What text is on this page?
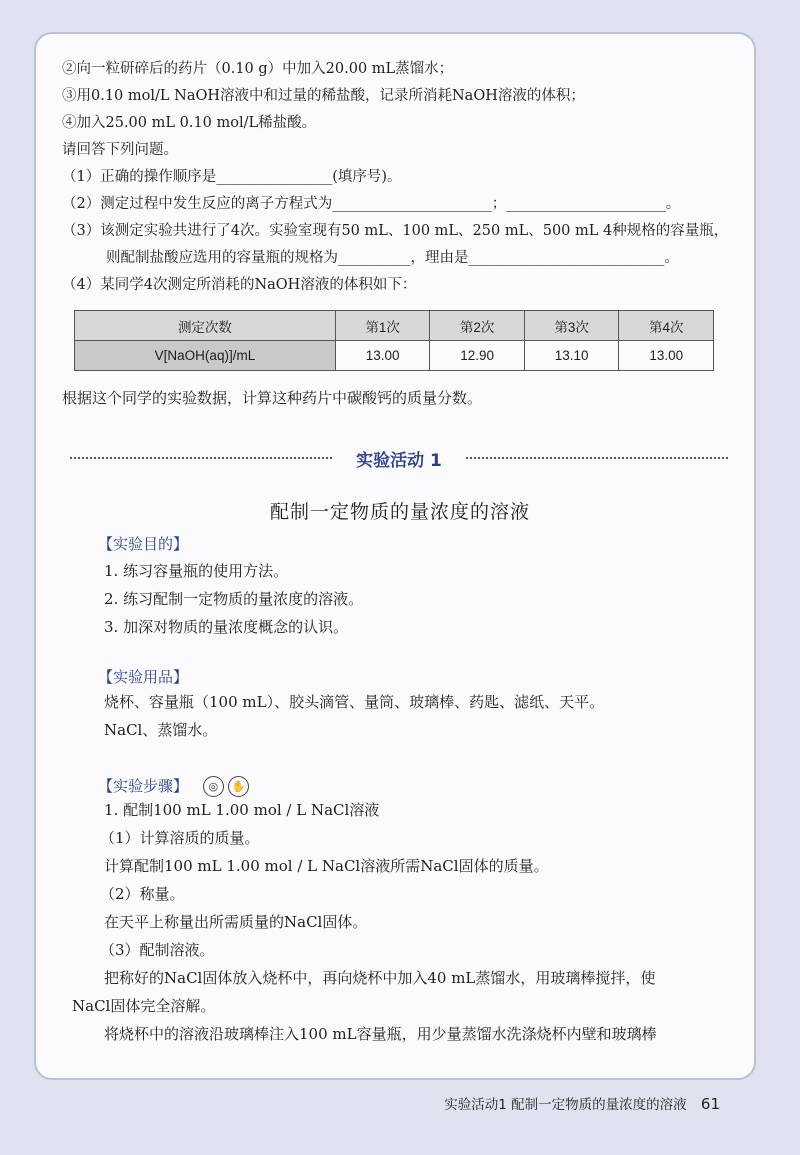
②向一粒研碎后的药片（0.10 g）中加入20.00 mL蒸馏水；

③用0.10 mol/L NaOH溶液中和过量的稀盐酸，记录所消耗NaOH溶液的体积；

④加入25.00 mL 0.10 mol/L稀盐酸。

请回答下列问题。

（1）正确的操作顺序是________________(填序号)。

（2）测定过程中发生反应的离子方程式为______________________；______________________。

（3）该测定实验共进行了4次。实验室现有50 mL、100 mL、250 mL、500 mL 4种规格的容量瓶，

则配制盐酸应选用的容量瓶的规格为__________，理由是___________________________。

（4）某同学4次测定所消耗的NaOH溶液的体积如下：

测定次数	第1次	第2次	第3次	第4次
V[NaOH(aq)]/mL	13.00	12.90	13.10	13.00
根据这个同学的实验数据，计算这种药片中碳酸钙的质量分数。
实验活动 1
配制一定物质的量浓度的溶液
【实验目的】

1. 练习容量瓶的使用方法。

2. 练习配制一定物质的量浓度的溶液。

3. 加深对物质的量浓度概念的认识。

【实验用品】

烧杯、容量瓶（100 mL）、胶头滴管、量筒、玻璃棒、药匙、滤纸、天平。

NaCl、蒸馏水。

【实验步骤】	◎	✋

1. 配制100 mL 1.00 mol / L NaCl溶液

（1）计算溶质的质量。

计算配制100 mL 1.00 mol / L NaCl溶液所需NaCl固体的质量。

（2）称量。

在天平上称量出所需质量的NaCl固体。

（3）配制溶液。

把称好的NaCl固体放入烧杯中，再向烧杯中加入40 mL蒸馏水，用玻璃棒搅拌，使

NaCl固体完全溶解。

将烧杯中的溶液沿玻璃棒注入100 mL容量瓶，用少量蒸馏水洗涤烧杯内壁和玻璃棒

实验活动1 配制一定物质的量浓度的溶液 61
